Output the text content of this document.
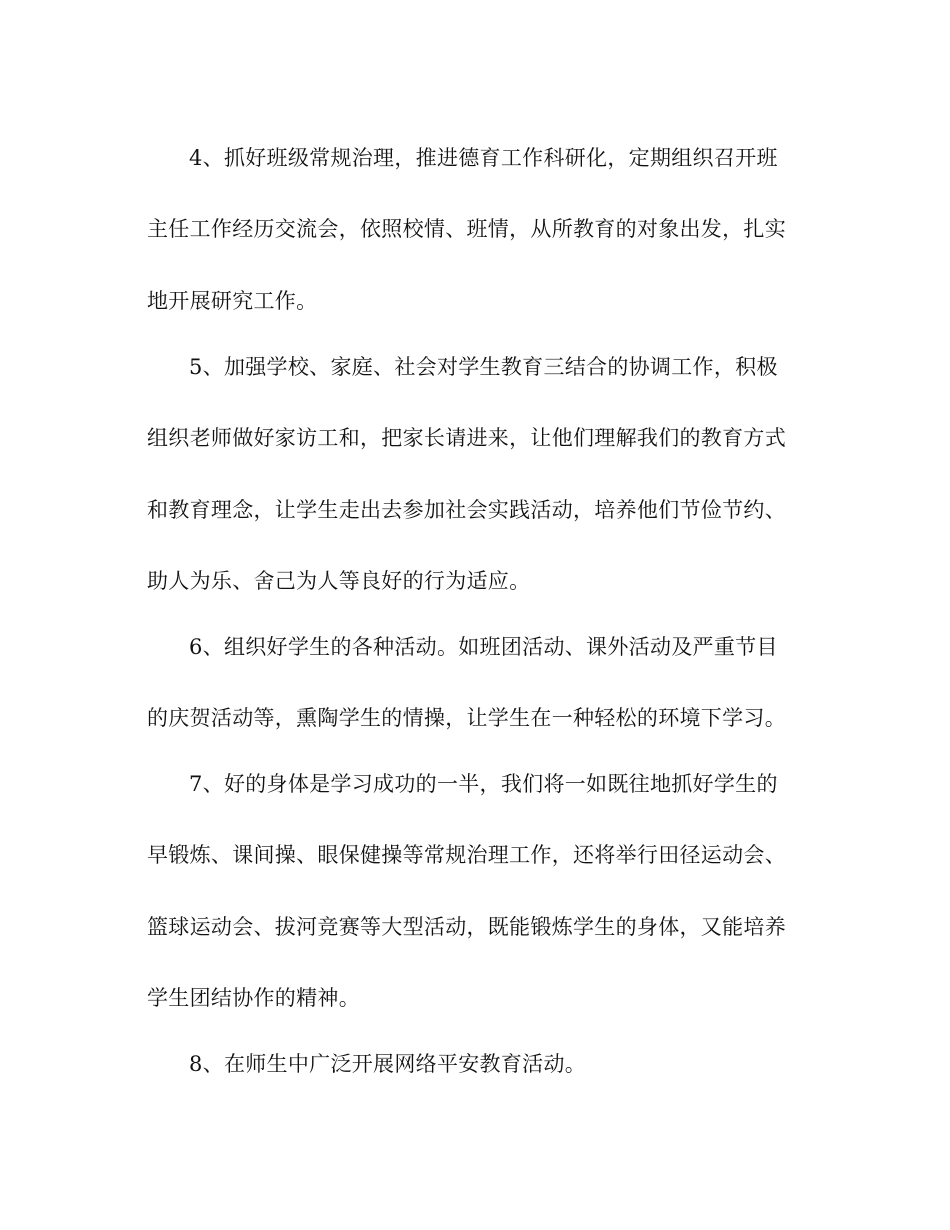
4、抓好班级常规治理，推进德育工作科研化，定期组织召开班
主任工作经历交流会，依照校情、班情，从所教育的对象出发，扎实
地开展研究工作。
5、加强学校、家庭、社会对学生教育三结合的协调工作，积极
组织老师做好家访工和，把家长请进来，让他们理解我们的教育方式
和教育理念，让学生走出去参加社会实践活动，培养他们节俭节约、
助人为乐、舍己为人等良好的行为适应。
6、组织好学生的各种活动。如班团活动、课外活动及严重节目
的庆贺活动等，熏陶学生的情操，让学生在一种轻松的环境下学习。
7、好的身体是学习成功的一半，我们将一如既往地抓好学生的
早锻炼、课间操、眼保健操等常规治理工作，还将举行田径运动会、
篮球运动会、拔河竞赛等大型活动，既能锻炼学生的身体，又能培养
学生团结协作的精神。
8、在师生中广泛开展网络平安教育活动。
